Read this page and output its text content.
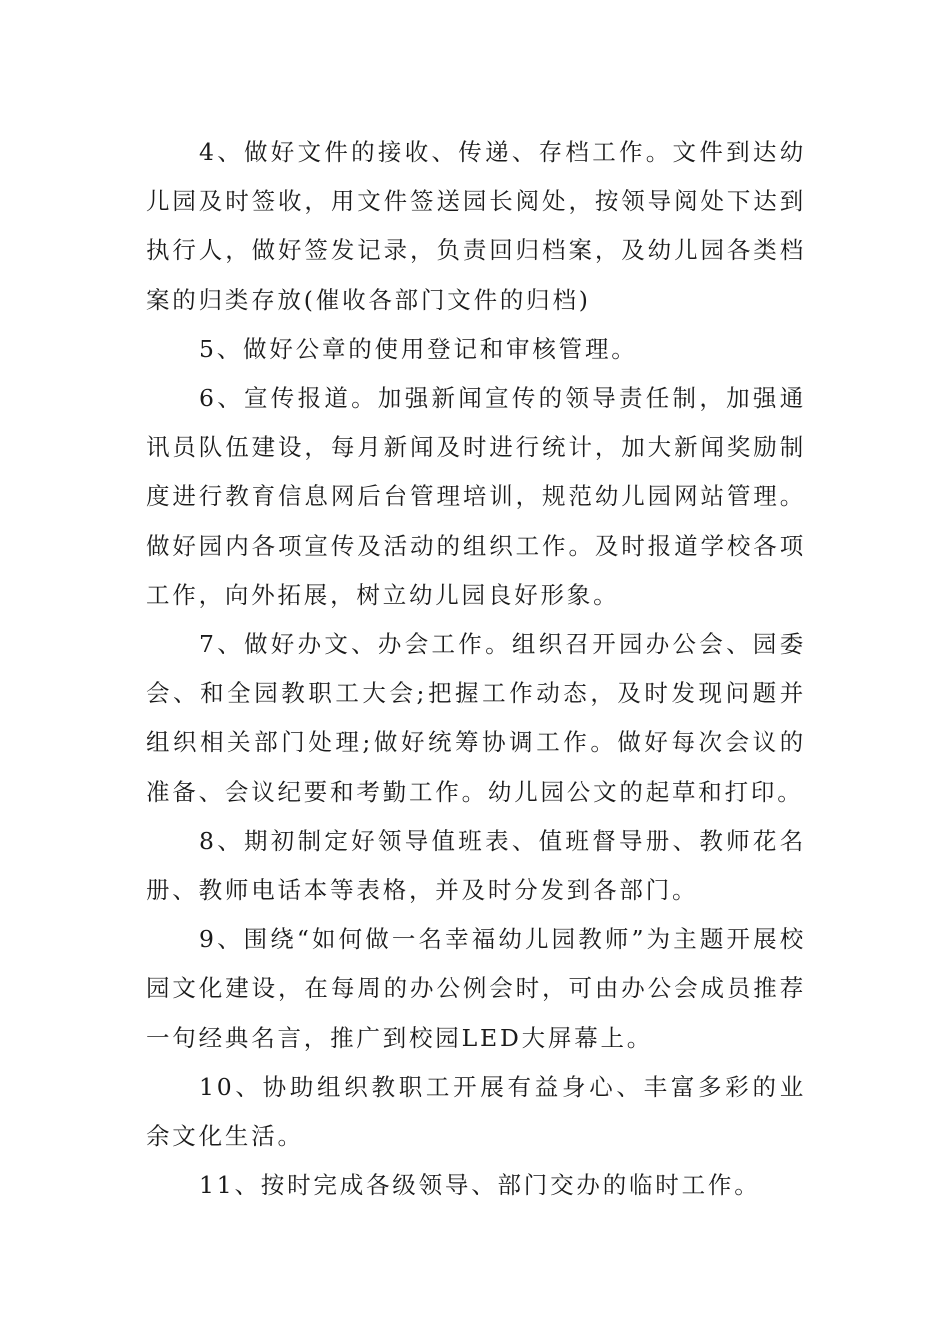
4、做好文件的接收、传递、存档工作。文件到达幼儿园及时签收，用文件签送园长阅处，按领导阅处下达到执行人，做好签发记录，负责回归档案，及幼儿园各类档案的归类存放(催收各部门文件的归档)

5、做好公章的使用登记和审核管理。

6、宣传报道。加强新闻宣传的领导责任制，加强通讯员队伍建设，每月新闻及时进行统计，加大新闻奖励制度进行教育信息网后台管理培训，规范幼儿园网站管理。做好园内各项宣传及活动的组织工作。及时报道学校各项工作，向外拓展，树立幼儿园良好形象。

7、做好办文、办会工作。组织召开园办公会、园委会、和全园教职工大会;把握工作动态，及时发现问题并组织相关部门处理;做好统筹协调工作。做好每次会议的准备、会议纪要和考勤工作。幼儿园公文的起草和打印。

8、期初制定好领导值班表、值班督导册、教师花名册、教师电话本等表格，并及时分发到各部门。

9、围绕“如何做一名幸福幼儿园教师”为主题开展校园文化建设，在每周的办公例会时，可由办公会成员推荐一句经典名言，推广到校园LED大屏幕上。

10、协助组织教职工开展有益身心、丰富多彩的业余文化生活。

11、按时完成各级领导、部门交办的临时工作。
